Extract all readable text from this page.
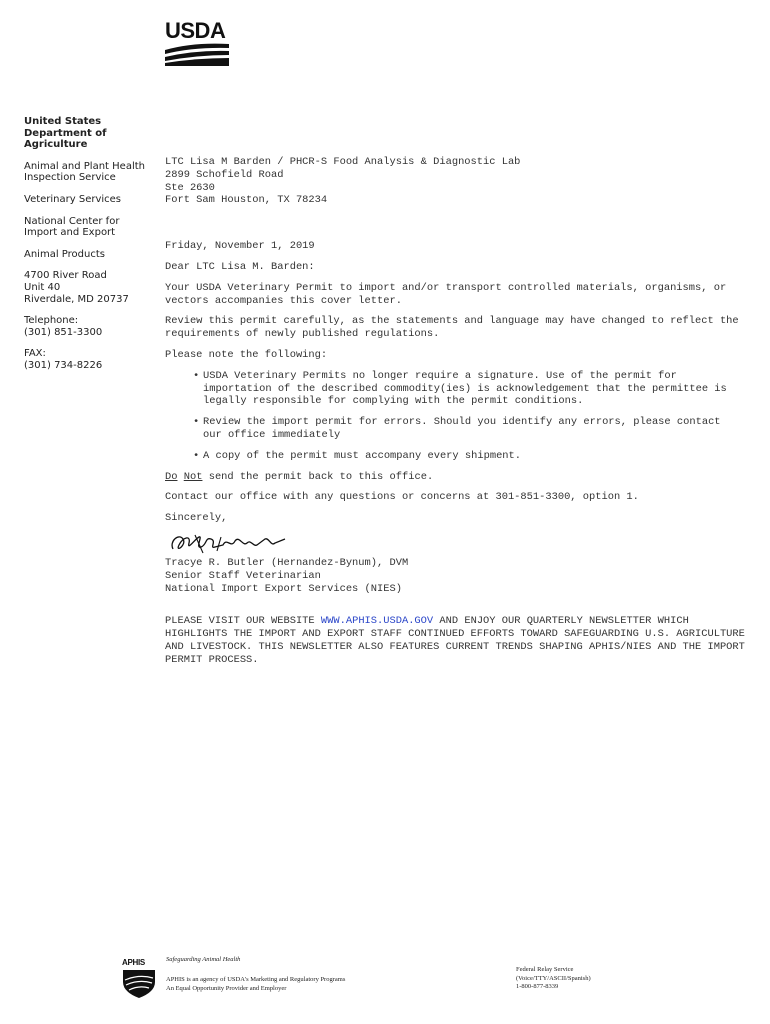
USDA
United States Department of Agriculture
Animal and Plant Health Inspection Service
Veterinary Services
National Center for Import and Export
Animal Products
4700 River Road
Unit 40
Riverdale, MD 20737
Telephone:
(301) 851-3300
FAX:
(301) 734-8226
LTC Lisa M Barden / PHCR-S Food Analysis & Diagnostic Lab
2899 Schofield Road
Ste 2630
Fort Sam Houston, TX 78234

Friday, November 1, 2019

Dear LTC Lisa M. Barden:

Your USDA Veterinary Permit to import and/or transport controlled materials, organisms, or vectors accompanies this cover letter.

Review this permit carefully, as the statements and language may have changed to reflect the requirements of newly published regulations.

Please note the following:

• USDA Veterinary Permits no longer require a signature. Use of the permit for importation of the described commodity(ies) is acknowledgement that the permittee is legally responsible for complying with the permit conditions.
• Review the import permit for errors. Should you identify any errors, please contact our office immediately
• A copy of the permit must accompany every shipment.

Do Not send the permit back to this office.

Contact our office with any questions or concerns at 301-851-3300, option 1.

Sincerely,

Tracye R. Butler (Hernandez-Bynum), DVM
Senior Staff Veterinarian
National Import Export Services (NIES)

PLEASE VISIT OUR WEBSITE WWW.APHIS.USDA.GOV AND ENJOY OUR QUARTERLY NEWSLETTER WHICH HIGHLIGHTS THE IMPORT AND EXPORT STAFF CONTINUED EFFORTS TOWARD SAFEGUARDING U.S. AGRICULTURE AND LIVESTOCK. THIS NEWSLETTER ALSO FEATURES CURRENT TRENDS SHAPING APHIS/NIES AND THE IMPORT PERMIT PROCESS.

APHIS	Safeguarding Animal Health
APHIS is an agency of USDA's Marketing and Regulatory Programs
An Equal Opportunity Provider and Employer
Federal Relay Service
(Voice/TTY/ASCII/Spanish)
1-800-877-8339
